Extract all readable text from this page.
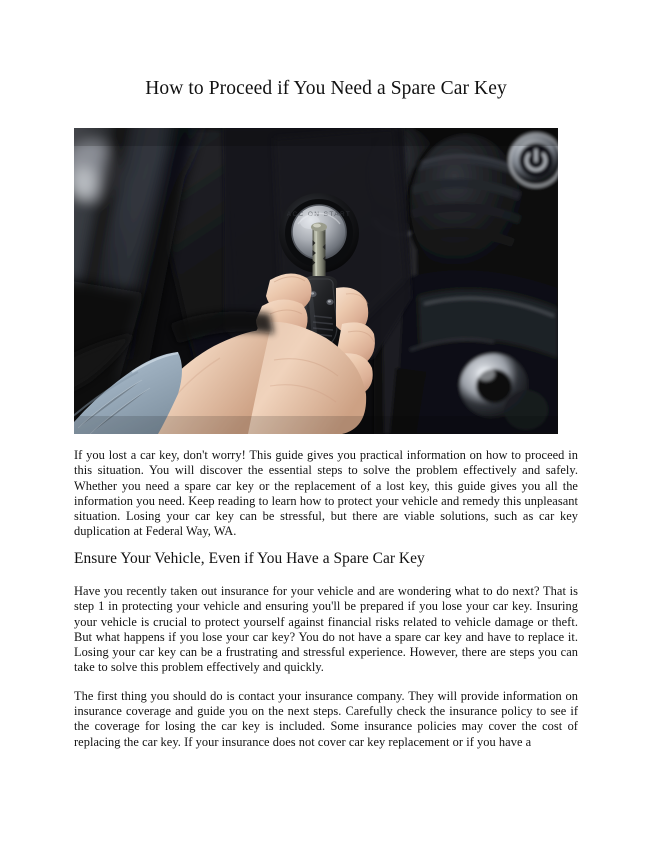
How to Proceed if You Need a Spare Car Key
ACC ON START

If you lost a car key, don't worry! This guide gives you practical information on how to proceed in this situation. You will discover the essential steps to solve the problem effectively and safely. Whether you need a spare car key or the replacement of a lost key, this guide gives you all the information you need. Keep reading to learn how to protect your vehicle and remedy this unpleasant situation. Losing your car key can be stressful, but there are viable solutions, such as car key duplication at Federal Way, WA.

Ensure Your Vehicle, Even if You Have a Spare Car Key

Have you recently taken out insurance for your vehicle and are wondering what to do next? That is step 1 in protecting your vehicle and ensuring you'll be prepared if you lose your car key. Insuring your vehicle is crucial to protect yourself against financial risks related to vehicle damage or theft. But what happens if you lose your car key? You do not have a spare car key and have to replace it. Losing your car key can be a frustrating and stressful experience. However, there are steps you can take to solve this problem effectively and quickly.

The first thing you should do is contact your insurance company. They will provide information on insurance coverage and guide you on the next steps. Carefully check the insurance policy to see if the coverage for losing the car key is included. Some insurance policies may cover the cost of replacing the car key. If your insurance does not cover car key replacement or if you have a
